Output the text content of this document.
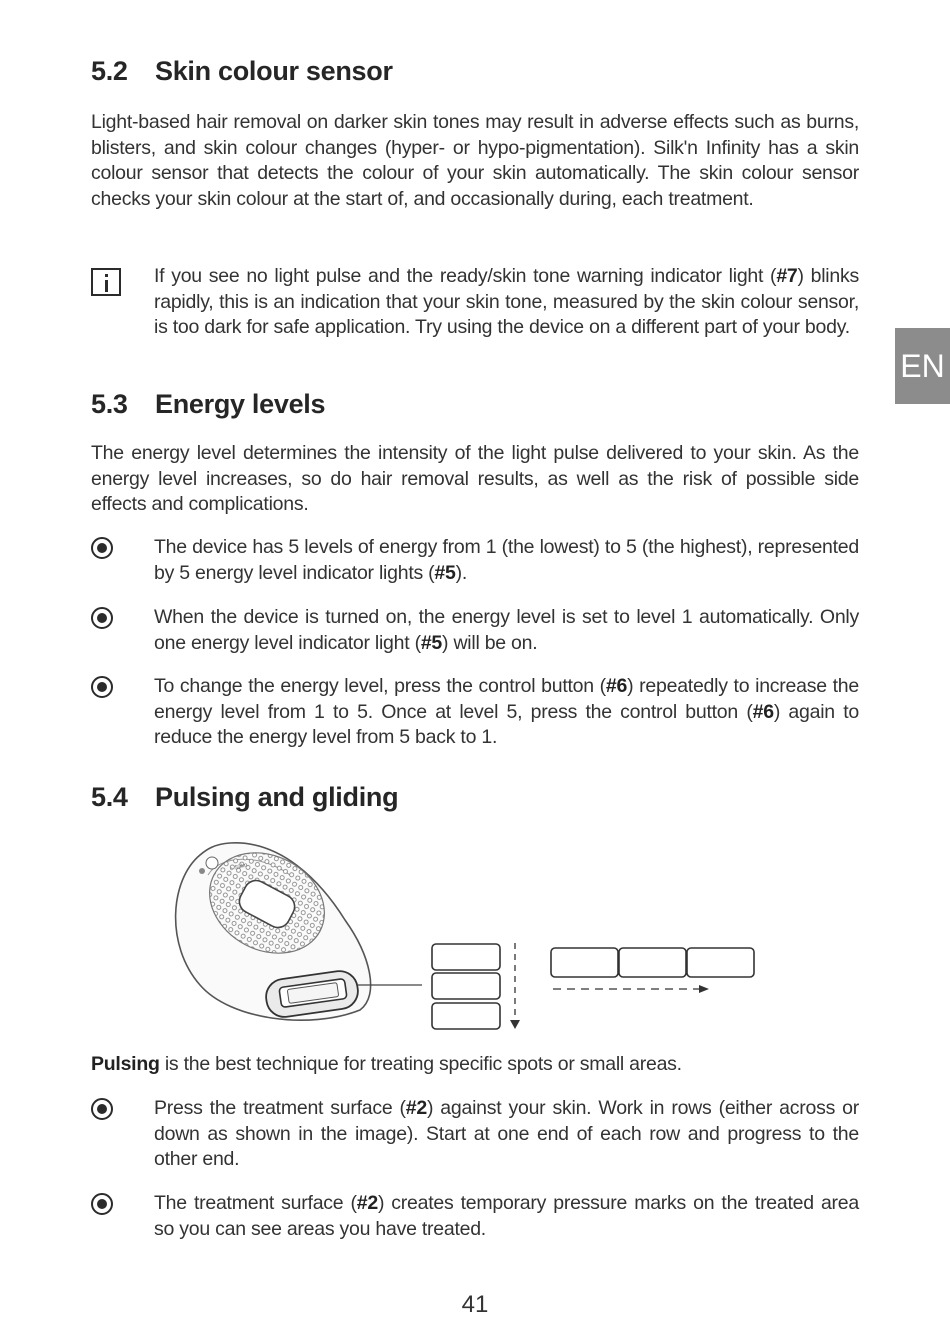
EN
5.2 Skin colour sensor

Light-based hair removal on darker skin tones may result in adverse effects such as burns, blisters, and skin colour changes (hyper- or hypo-pigmentation). Silk'n Infinity has a skin colour sensor that detects the colour of your skin automatically. The skin colour sensor checks your skin colour at the start of, and occasionally during, each treatment.

If you see no light pulse and the ready/skin tone warning indicator light (#7) blinks rapidly, this is an indication that your skin tone, measured by the skin colour sensor, is too dark for safe application. Try using the device on a different part of your body.
5.3 Energy levels

The energy level determines the intensity of the light pulse delivered to your skin. As the energy level increases, so do hair removal results, as well as the risk of possible side effects and complications.

The device has 5 levels of energy from 1 (the lowest) to 5 (the highest), represented by 5 energy level indicator lights (#5).
When the device is turned on, the energy level is set to level 1 automatically. Only one energy level indicator light (#5) will be on.
To change the energy level, press the control button (#6) repeatedly to increase the energy level from 1 to 5. Once at level 5, press the control button (#6) again to reduce the energy level from 5 back to 1.
5.4 Pulsing and gliding
○ Silkn

Pulsing is the best technique for treating specific spots or small areas.

Press the treatment surface (#2) against your skin. Work in rows (either across or down as shown in the image). Start at one end of each row and progress to the other end.
The treatment surface (#2) creates temporary pressure marks on the treated area so you can see areas you have treated.
41
